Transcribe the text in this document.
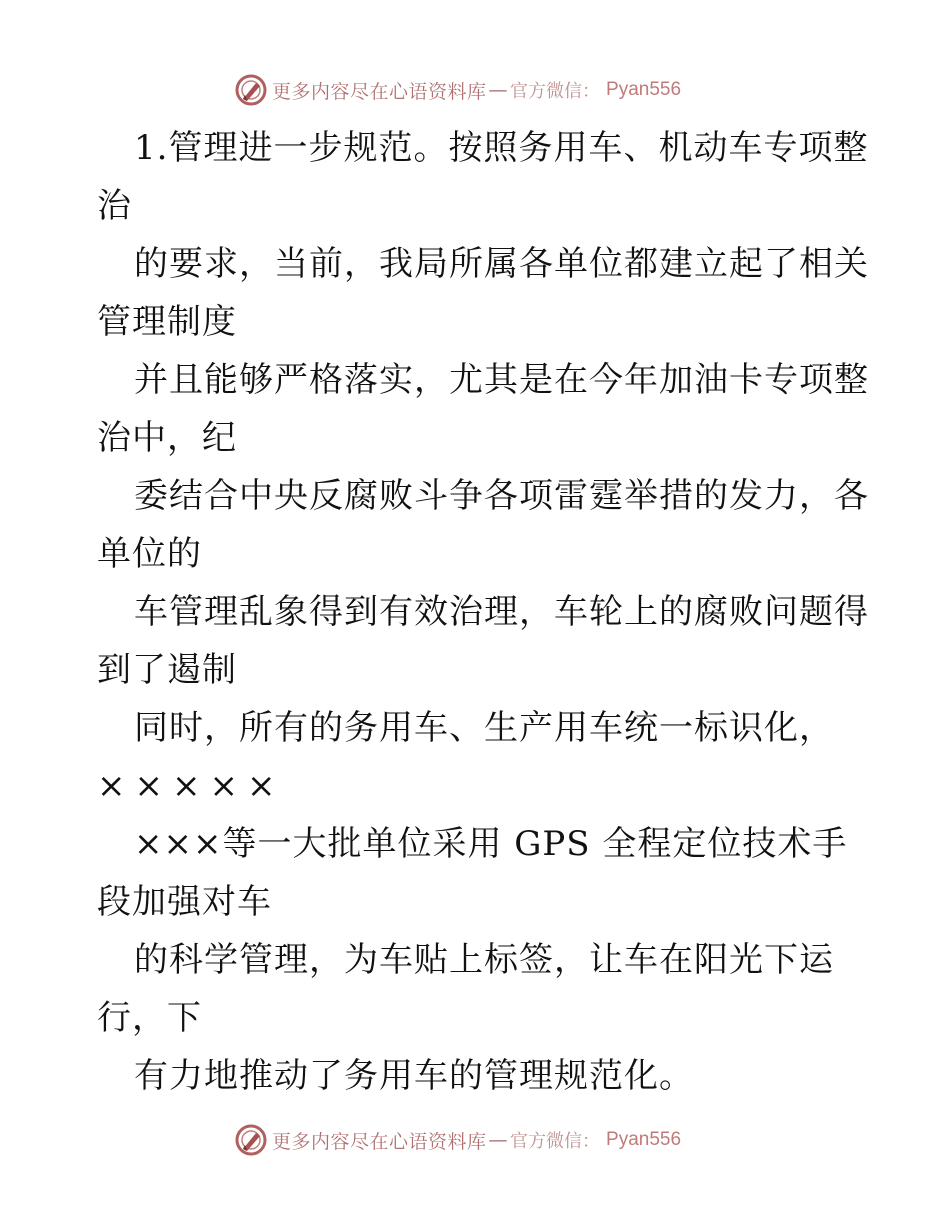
更多内容尽在心语资料库 — 官方微信： Pyan556
1.管理进一步规范。按照务用车、机动车专项整
治
的要求，当前，我局所属各单位都建立起了相关
管理制度
并且能够严格落实，尤其是在今年加油卡专项整
治中，纪
委结合中央反腐败斗争各项雷霆举措的发力，各
单位的
车管理乱象得到有效治理，车轮上的腐败问题得
到了遏制
同时，所有的务用车、生产用车统一标识化，
×××××
×××等一大批单位采用 GPS 全程定位技术手
段加强对车
的科学管理，为车贴上标签，让车在阳光下运
行，下
有力地推动了务用车的管理规范化。
更多内容尽在心语资料库 — 官方微信： Pyan556
